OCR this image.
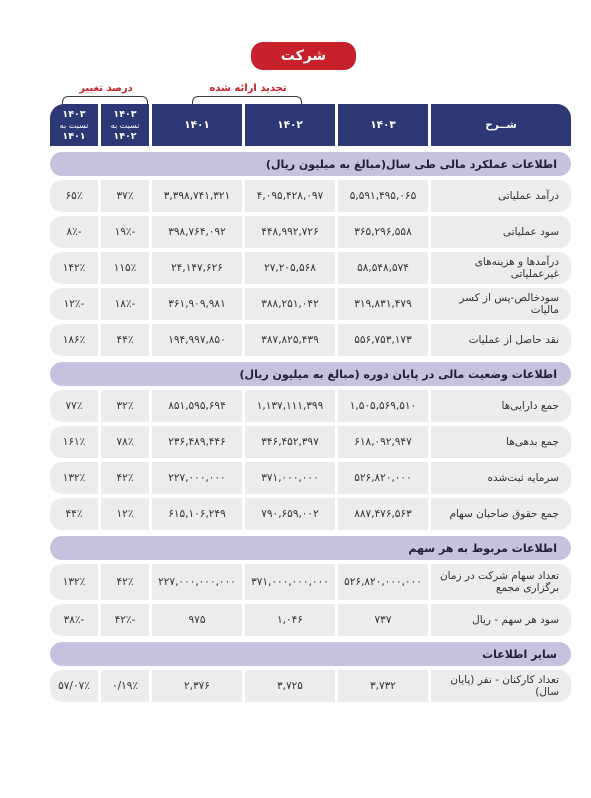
شرکت
درصد تغییر	تجدید ارائه شده
شــرح
۱۴۰۳
۱۴۰۲
۱۴۰۱
۱۴۰۳
نسبت به
۱۴۰۲
۱۴۰۳
نسبت به
۱۴۰۱
اطلاعات عملکرد مالی طی سال(مبالغ به میلیون ریال)
درآمد عملیاتی
۵,۵۹۱,۴۹۵,۰۶۵
۴,۰۹۵,۴۲۸,۰۹۷
۳,۳۹۸,۷۴۱,۳۲۱
۳۷٪
۶۵٪
سود عملیاتی
۳۶۵,۲۹۶,۵۵۸
۴۴۸,۹۹۲,۷۲۶
۳۹۸,۷۶۴,۰۹۲
-۱۹٪
-۸٪
درآمدها و هزینه‌های غیرعملیاتی
۵۸,۵۴۸,۵۷۴
۲۷,۲۰۵,۵۶۸
۲۴,۱۴۷,۶۲۶
۱۱۵٪
۱۴۲٪
سودخالص-پس از کسر مالیات
۳۱۹,۸۳۱,۴۷۹
۳۸۸,۲۵۱,۰۴۲
۳۶۱,۹۰۹,۹۸۱
-۱۸٪
-۱۲٪
نقد حاصل از عملیات
۵۵۶,۷۵۳,۱۷۳
۳۸۷,۸۲۵,۴۳۹
۱۹۴,۹۹۷,۸۵۰
۴۴٪
۱۸۶٪
اطلاعات وضعیت مالی در پایان دوره (مبالغ به میلیون ریال)
جمع دارایی‌ها
۱,۵۰۵,۵۶۹,۵۱۰
۱,۱۳۷,۱۱۱,۳۹۹
۸۵۱,۵۹۵,۶۹۴
۳۲٪
۷۷٪
جمع بدهی‌ها
۶۱۸,۰۹۲,۹۴۷
۳۴۶,۴۵۲,۳۹۷
۲۳۶,۴۸۹,۴۴۶
۷۸٪
۱۶۱٪
سرمایه ثبت‌شده
۵۲۶,۸۲۰,۰۰۰
۳۷۱,۰۰۰,۰۰۰
۲۲۷,۰۰۰,۰۰۰
۴۲٪
۱۳۲٪
جمع حقوق صاحبان سهام
۸۸۷,۴۷۶,۵۶۳
۷۹۰,۶۵۹,۰۰۲
۶۱۵,۱۰۶,۲۴۹
۱۲٪
۴۴٪
اطلاعات مربوط به هر سهم
تعداد سهام شرکت در زمان برگزاری مجمع
۵۲۶,۸۲۰,۰۰۰,۰۰۰
۳۷۱,۰۰۰,۰۰۰,۰۰۰
۲۲۷,۰۰۰,۰۰۰,۰۰۰
۴۲٪
۱۳۲٪
سود هر سهم - ریال
۷۳۷
۱,۰۴۶
۹۷۵
-۴۲٪
-۳۸٪
سایر اطلاعات
تعداد کارکنان - نفر (پایان سال)
۳,۷۳۲
۳,۷۲۵
۲,۳۷۶
۰/۱۹٪
۵۷/۰۷٪
